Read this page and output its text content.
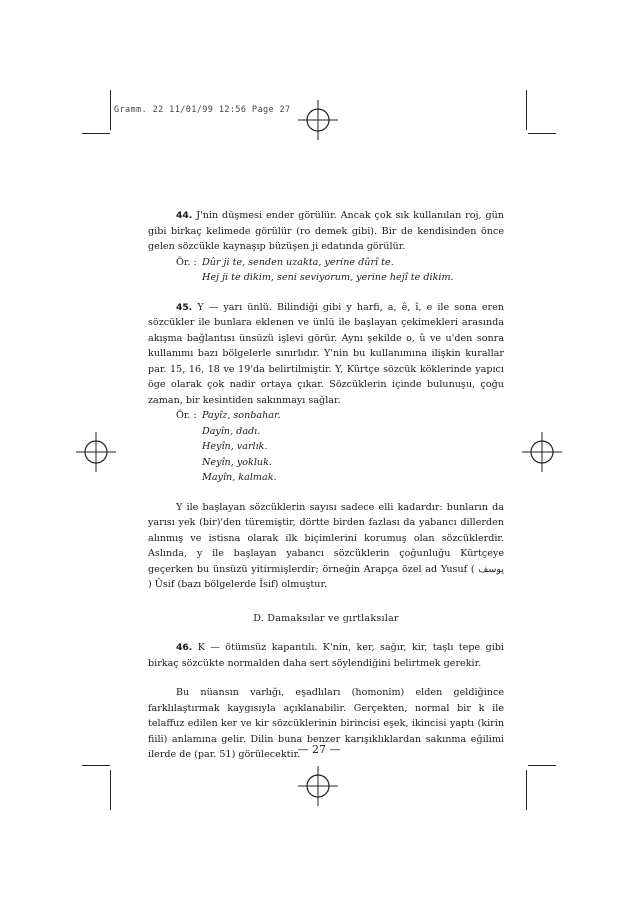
Gramm. 22 11/01/99 12:56 Page 27

44. J'nin düşmesi ender görülür. Ancak çok sık kullanılan roj, gün gibi birkaç kelimede görülür (ro demek gibi). Bir de kendisinden önce gelen sözcükle kaynaşıp büzüşen ji edatında görülür.

Ör. : Dûr ji te, senden uzakta, yerine dûrî te.
Hej ji te dikim, seni seviyorum, yerine hejî te dikim.

45. Y — yarı ünlü. Bilindiği gibi y harfi, a, ê, î, e ile sona eren sözcükler ile bunlara eklenen ve ünlü ile başlayan çekimekleri arasında akışma bağlantısı ünsüzü işlevi görür. Aynı şekilde o, û ve u'den sonra kullanımı bazı bölgelerle sınırlıdır. Y'nin bu kullanımına ilişkin kurallar par. 15, 16, 18 ve 19'da belirtilmiştir. Y, Kürtçe sözcük köklerinde yapıcı öge olarak çok nadir ortaya çıkar. Sözcüklerin içinde bulunuşu, çoğu zaman, bir kesintiden sakınmayı sağlar.

Ör. : Payîz, sonbahar.
Dayîn, dadı.
Heyîn, varlık.
Neyîn, yokluk.
Mayîn, kalmak.

Y ile başlayan sözcüklerin sayısı sadece elli kadardır: bunların da yarısı yek (bir)'den türemiştir, dörtte birden fazlası da yabancı dillerden alınmış ve istisna olarak ilk biçimlerini korumuş olan sözcüklerdir. Aslında, y ile başlayan yabancı sözcüklerin çoğunluğu Kürtçeye geçerken bu ünsüzü yitirmişlerdir; örneğin Arapça özel ad Yusuf ( يوسف ) Ûsif (bazı bölgelerde Îsif) olmuştur.

D. Damaksılar ve gırtlaksılar

46. K — ötümsüz kapantılı. K'nin, ker, sağır, kir, taşlı tepe gibi birkaç sözcükte normalden daha sert söylendiğini belirtmek gerekir.

Bu nüansın varlığı, eşadlıları (homonim) elden geldiğince farklılaştırmak kaygısıyla açıklanabilir. Gerçekten, normal bir k ile telaffuz edilen ker ve kir sözcüklerinin birincisi eşek, ikincisi yaptı (kirin fiili) anlamına gelir. Dilin buna benzer karışıklıklardan sakınma eğilimi ilerde de (par. 51) görülecektir.

— 27 —
